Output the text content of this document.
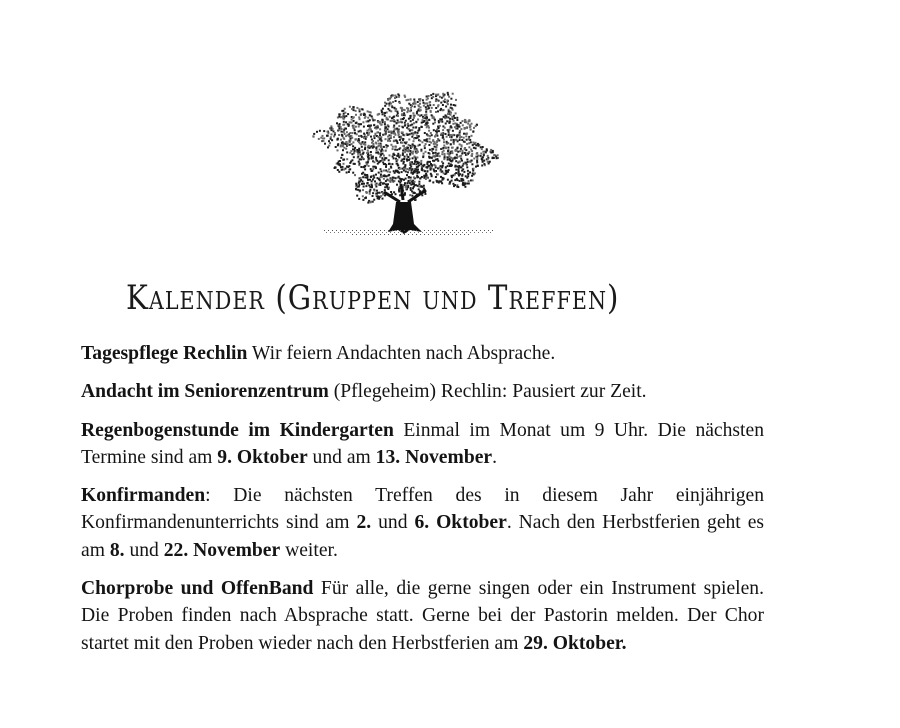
Kalender (Gruppen und Treffen)

Tagespflege Rechlin Wir feiern Andachten nach Absprache.

Andacht im Seniorenzentrum (Pflegeheim) Rechlin: Pausiert zur Zeit.

Regenbogenstunde im Kindergarten Einmal im Monat um 9 Uhr. Die nächsten Termine sind am 9. Oktober und am 13. November.

Konfirmanden: Die nächsten Treffen des in diesem Jahr einjährigen Konfirmandenunterrichts sind am 2. und 6. Oktober. Nach den Herbstferien geht es am 8. und 22. November weiter.

Chorprobe und OffenBand Für alle, die gerne singen oder ein Instrument spielen. Die Proben finden nach Absprache statt. Gerne bei der Pastorin melden. Der Chor startet mit den Proben wieder nach den Herbstferien am 29. Oktober.
